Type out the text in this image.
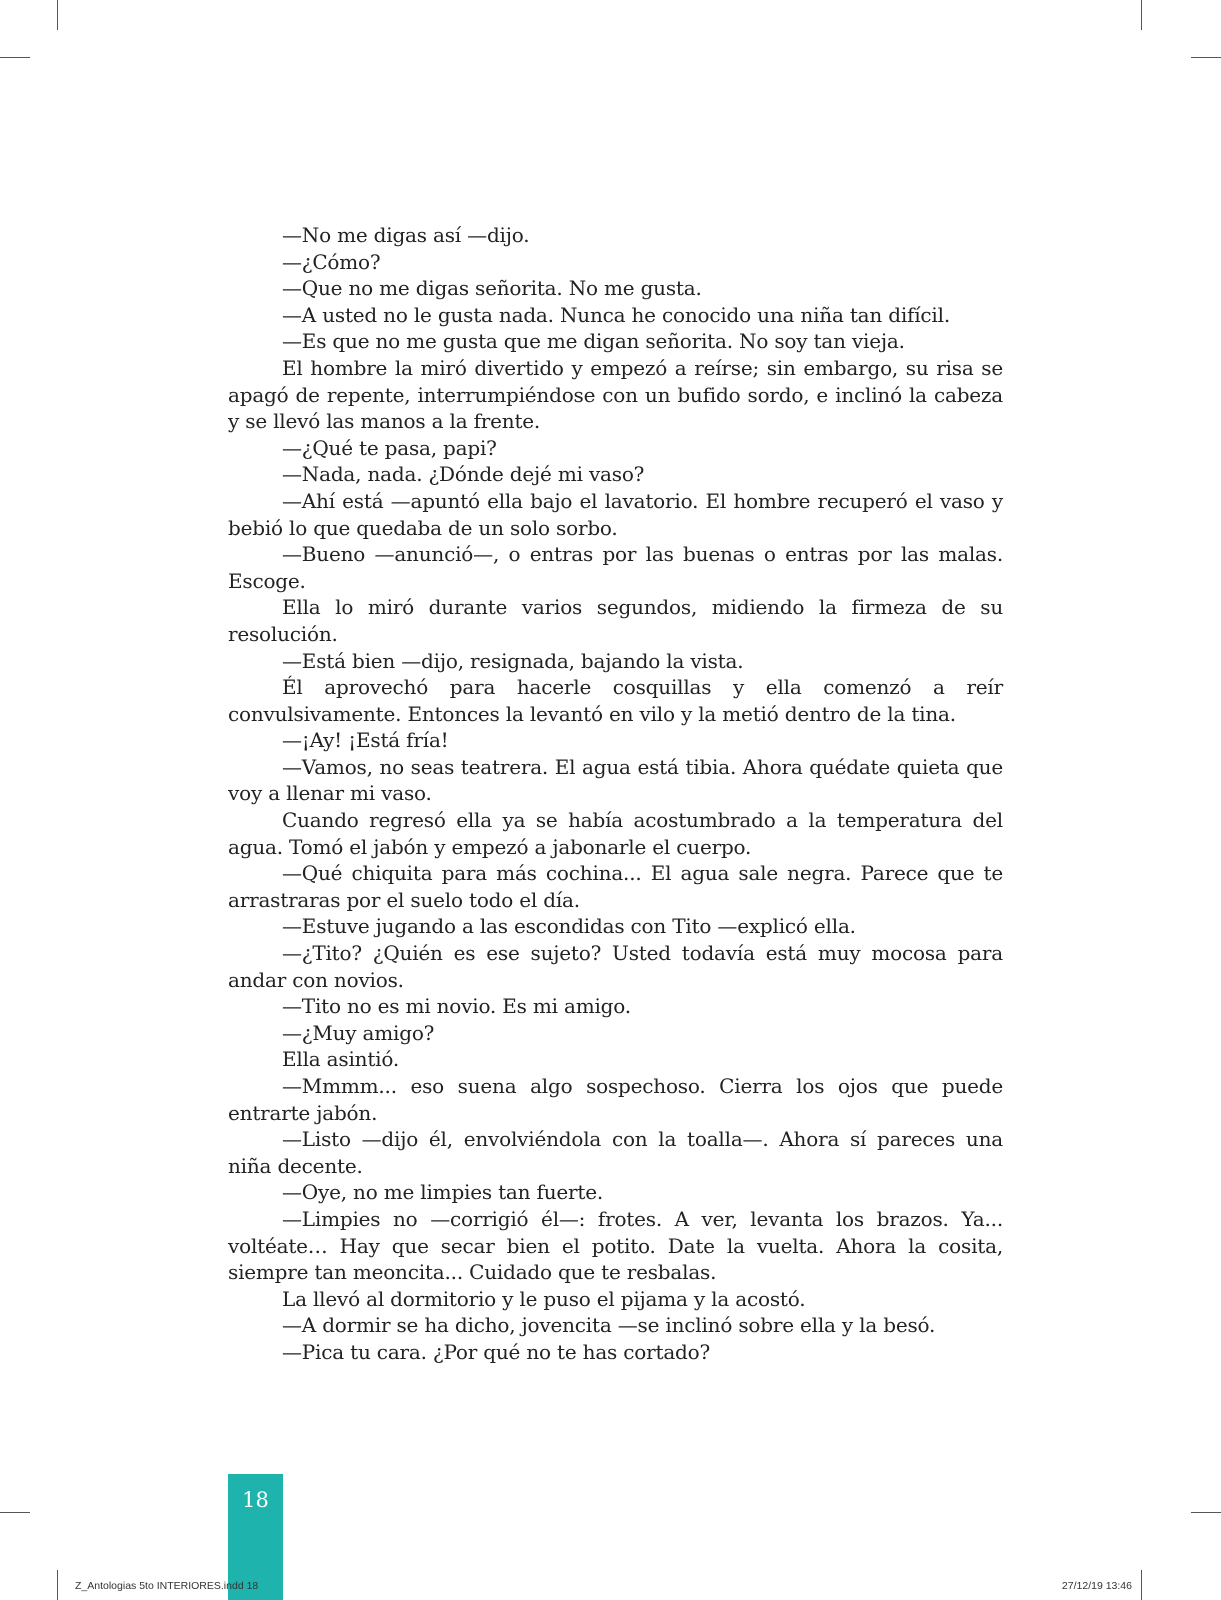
—No me digas así —dijo.

—¿Cómo?

—Que no me digas señorita. No me gusta.

—A usted no le gusta nada. Nunca he conocido una niña tan difícil.

—Es que no me gusta que me digan señorita. No soy tan vieja.

El hombre la miró divertido y empezó a reírse; sin embargo, su risa se apagó de repente, interrumpiéndose con un bufido sordo, e inclinó la cabeza y se llevó las manos a la frente.

—¿Qué te pasa, papi?

—Nada, nada. ¿Dónde dejé mi vaso?

—Ahí está —apuntó ella bajo el lavatorio. El hombre recuperó el vaso y bebió lo que quedaba de un solo sorbo.

—Bueno —anunció—, o entras por las buenas o entras por las malas. Escoge.

Ella lo miró durante varios segundos, midiendo la firmeza de su resolución.

—Está bien —dijo, resignada, bajando la vista.

Él aprovechó para hacerle cosquillas y ella comenzó a reír convulsivamente. Entonces la levantó en vilo y la metió dentro de la tina.

—¡Ay! ¡Está fría!

—Vamos, no seas teatrera. El agua está tibia. Ahora quédate quieta que voy a llenar mi vaso.

Cuando regresó ella ya se había acostumbrado a la temperatura del agua. Tomó el jabón y empezó a jabonarle el cuerpo.

—Qué chiquita para más cochina... El agua sale negra. Parece que te arrastraras por el suelo todo el día.

—Estuve jugando a las escondidas con Tito —explicó ella.

—¿Tito? ¿Quién es ese sujeto? Usted todavía está muy mocosa para andar con novios.

—Tito no es mi novio. Es mi amigo.

—¿Muy amigo?

Ella asintió.

—Mmmm... eso suena algo sospechoso. Cierra los ojos que puede entrarte jabón.

—Listo —dijo él, envolviéndola con la toalla—. Ahora sí pareces una niña decente.

—Oye, no me limpies tan fuerte.

—Limpies no —corrigió él—: frotes. A ver, levanta los brazos. Ya... voltéate… Hay que secar bien el potito. Date la vuelta. Ahora la cosita, siempre tan meoncita... Cuidado que te resbalas.

La llevó al dormitorio y le puso el pijama y la acostó.

—A dormir se ha dicho, jovencita —se inclinó sobre ella y la besó.

—Pica tu cara. ¿Por qué no te has cortado?

18
Z_Antologias 5to INTERIORES.indd 18	27/12/19 13:46
